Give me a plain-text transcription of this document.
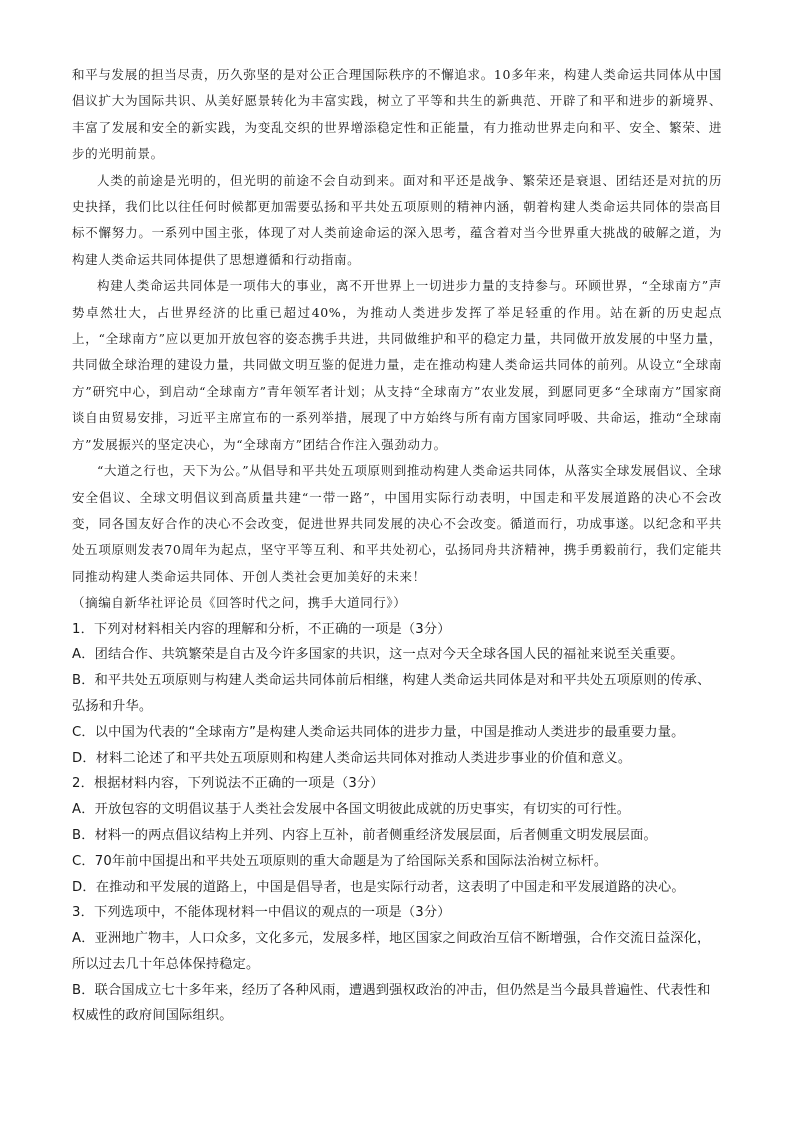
和平与发展的担当尽责，历久弥坚的是对公正合理国际秩序的不懈追求。10多年来，构建人类命运共同体从中国倡议扩大为国际共识、从美好愿景转化为丰富实践，树立了平等和共生的新典范、开辟了和平和进步的新境界、丰富了发展和安全的新实践，为变乱交织的世界增添稳定性和正能量，有力推动世界走向和平、安全、繁荣、进步的光明前景。

人类的前途是光明的，但光明的前途不会自动到来。面对和平还是战争、繁荣还是衰退、团结还是对抗的历史抉择，我们比以往任何时候都更加需要弘扬和平共处五项原则的精神内涵，朝着构建人类命运共同体的崇高目标不懈努力。一系列中国主张，体现了对人类前途命运的深入思考，蕴含着对当今世界重大挑战的破解之道，为构建人类命运共同体提供了思想遵循和行动指南。

构建人类命运共同体是一项伟大的事业，离不开世界上一切进步力量的支持参与。环顾世界，“全球南方”声势卓然壮大，占世界经济的比重已超过40%，为推动人类进步发挥了举足轻重的作用。站在新的历史起点上，“全球南方”应以更加开放包容的姿态携手共进，共同做维护和平的稳定力量，共同做开放发展的中坚力量，共同做全球治理的建设力量，共同做文明互鉴的促进力量，走在推动构建人类命运共同体的前列。从设立“全球南方”研究中心，到启动“全球南方”青年领军者计划；从支持“全球南方”农业发展，到愿同更多“全球南方”国家商谈自由贸易安排，习近平主席宣布的一系列举措，展现了中方始终与所有南方国家同呼吸、共命运，推动“全球南方”发展振兴的坚定决心，为“全球南方”团结合作注入强劲动力。

“大道之行也，天下为公。”从倡导和平共处五项原则到推动构建人类命运共同体，从落实全球发展倡议、全球安全倡议、全球文明倡议到高质量共建“一带一路”，中国用实际行动表明，中国走和平发展道路的决心不会改变，同各国友好合作的决心不会改变，促进世界共同发展的决心不会改变。循道而行，功成事遂。以纪念和平共处五项原则发表70周年为起点，坚守平等互利、和平共处初心，弘扬同舟共济精神，携手勇毅前行，我们定能共同推动构建人类命运共同体、开创人类社会更加美好的未来！

（摘编自新华社评论员《回答时代之问，携手大道同行》）

1．下列对材料相关内容的理解和分析，不正确的一项是（3分）

A．团结合作、共筑繁荣是自古及今许多国家的共识，这一点对今天全球各国人民的福祉来说至关重要。

B．和平共处五项原则与构建人类命运共同体前后相继，构建人类命运共同体是对和平共处五项原则的传承、弘扬和升华。

C．以中国为代表的“全球南方”是构建人类命运共同体的进步力量，中国是推动人类进步的最重要力量。

D．材料二论述了和平共处五项原则和构建人类命运共同体对推动人类进步事业的价值和意义。

2．根据材料内容，下列说法不正确的一项是（3分）

A．开放包容的文明倡议基于人类社会发展中各国文明彼此成就的历史事实，有切实的可行性。

B．材料一的两点倡议结构上并列、内容上互补，前者侧重经济发展层面，后者侧重文明发展层面。

C．70年前中国提出和平共处五项原则的重大命题是为了给国际关系和国际法治树立标杆。

D．在推动和平发展的道路上，中国是倡导者，也是实际行动者，这表明了中国走和平发展道路的决心。

3．下列选项中，不能体现材料一中倡议的观点的一项是（3分）

A．亚洲地广物丰，人口众多，文化多元，发展多样，地区国家之间政治互信不断增强，合作交流日益深化，所以过去几十年总体保持稳定。

B．联合国成立七十多年来，经历了各种风雨，遭遇到强权政治的冲击，但仍然是当今最具普遍性、代表性和权威性的政府间国际组织。
